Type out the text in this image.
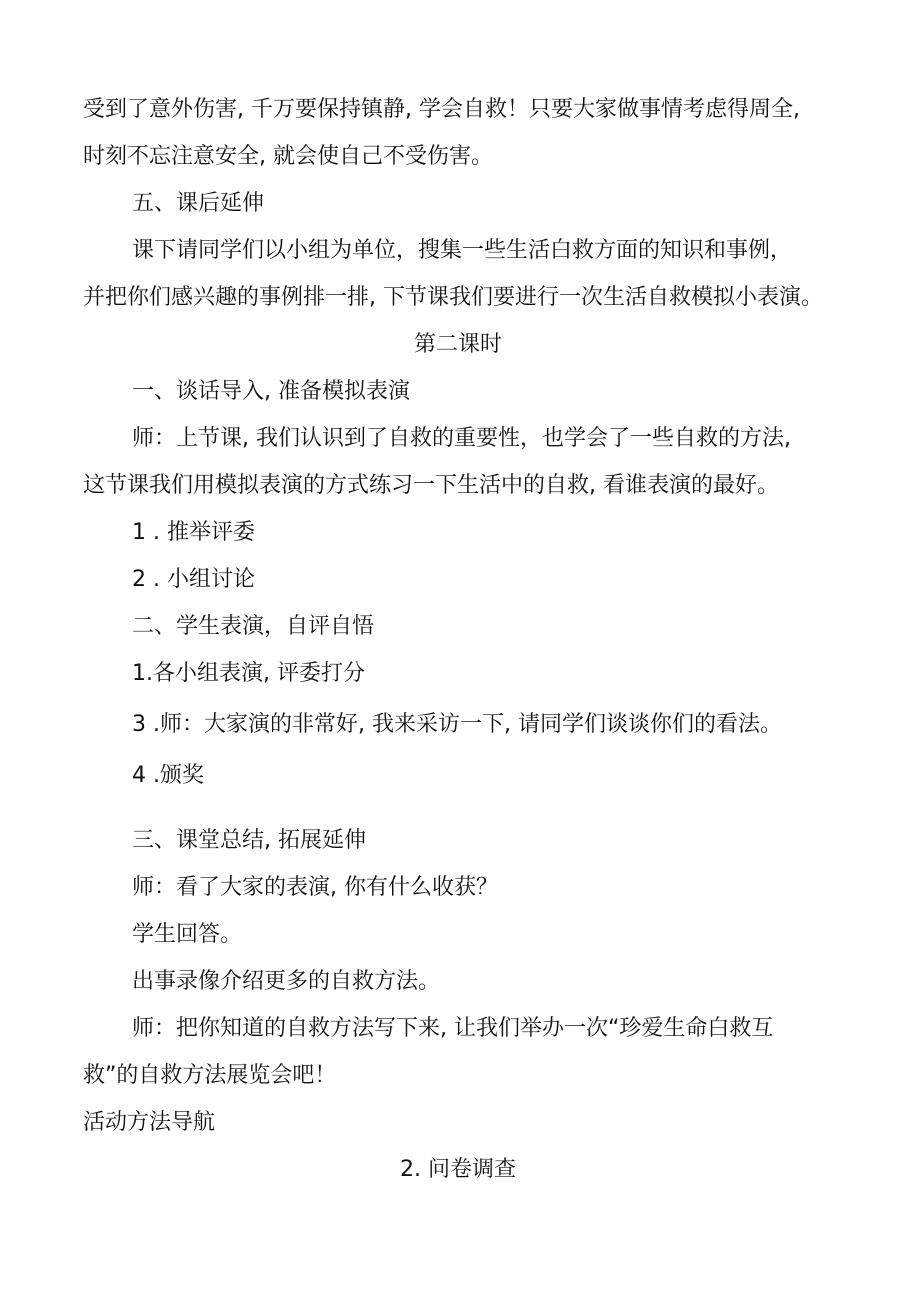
受到了意外伤害, 千万要保持镇静, 学会自救！只要大家做事情考虑得周全,
时刻不忘注意安全, 就会使自己不受伤害。
五、课后延伸
课下请同学们以小组为单位，搜集一些生活白救方面的知识和事例，
并把你们感兴趣的事例排一排, 下节课我们要进行一次生活自救模拟小表演。
第二课时
一、谈话导入, 准备模拟表演
师：上节课, 我们认识到了自救的重要性，也学会了一些自救的方法,
这节课我们用模拟表演的方式练习一下生活中的自救, 看谁表演的最好。
1 . 推举评委
2 . 小组讨论
二、学生表演，自评自悟
1.各小组表演, 评委打分
3 .师：大家演的非常好, 我来采访一下, 请同学们谈谈你们的看法。
4 .颁奖
三、课堂总结, 拓展延伸
师：看了大家的表演, 你有什么收获？
学生回答。
出事录像介绍更多的自救方法。
师：把你知道的自救方法写下来, 让我们举办一次“珍爱生命白救互
救”的自救方法展览会吧！
活动方法导航
2. 问卷调查
